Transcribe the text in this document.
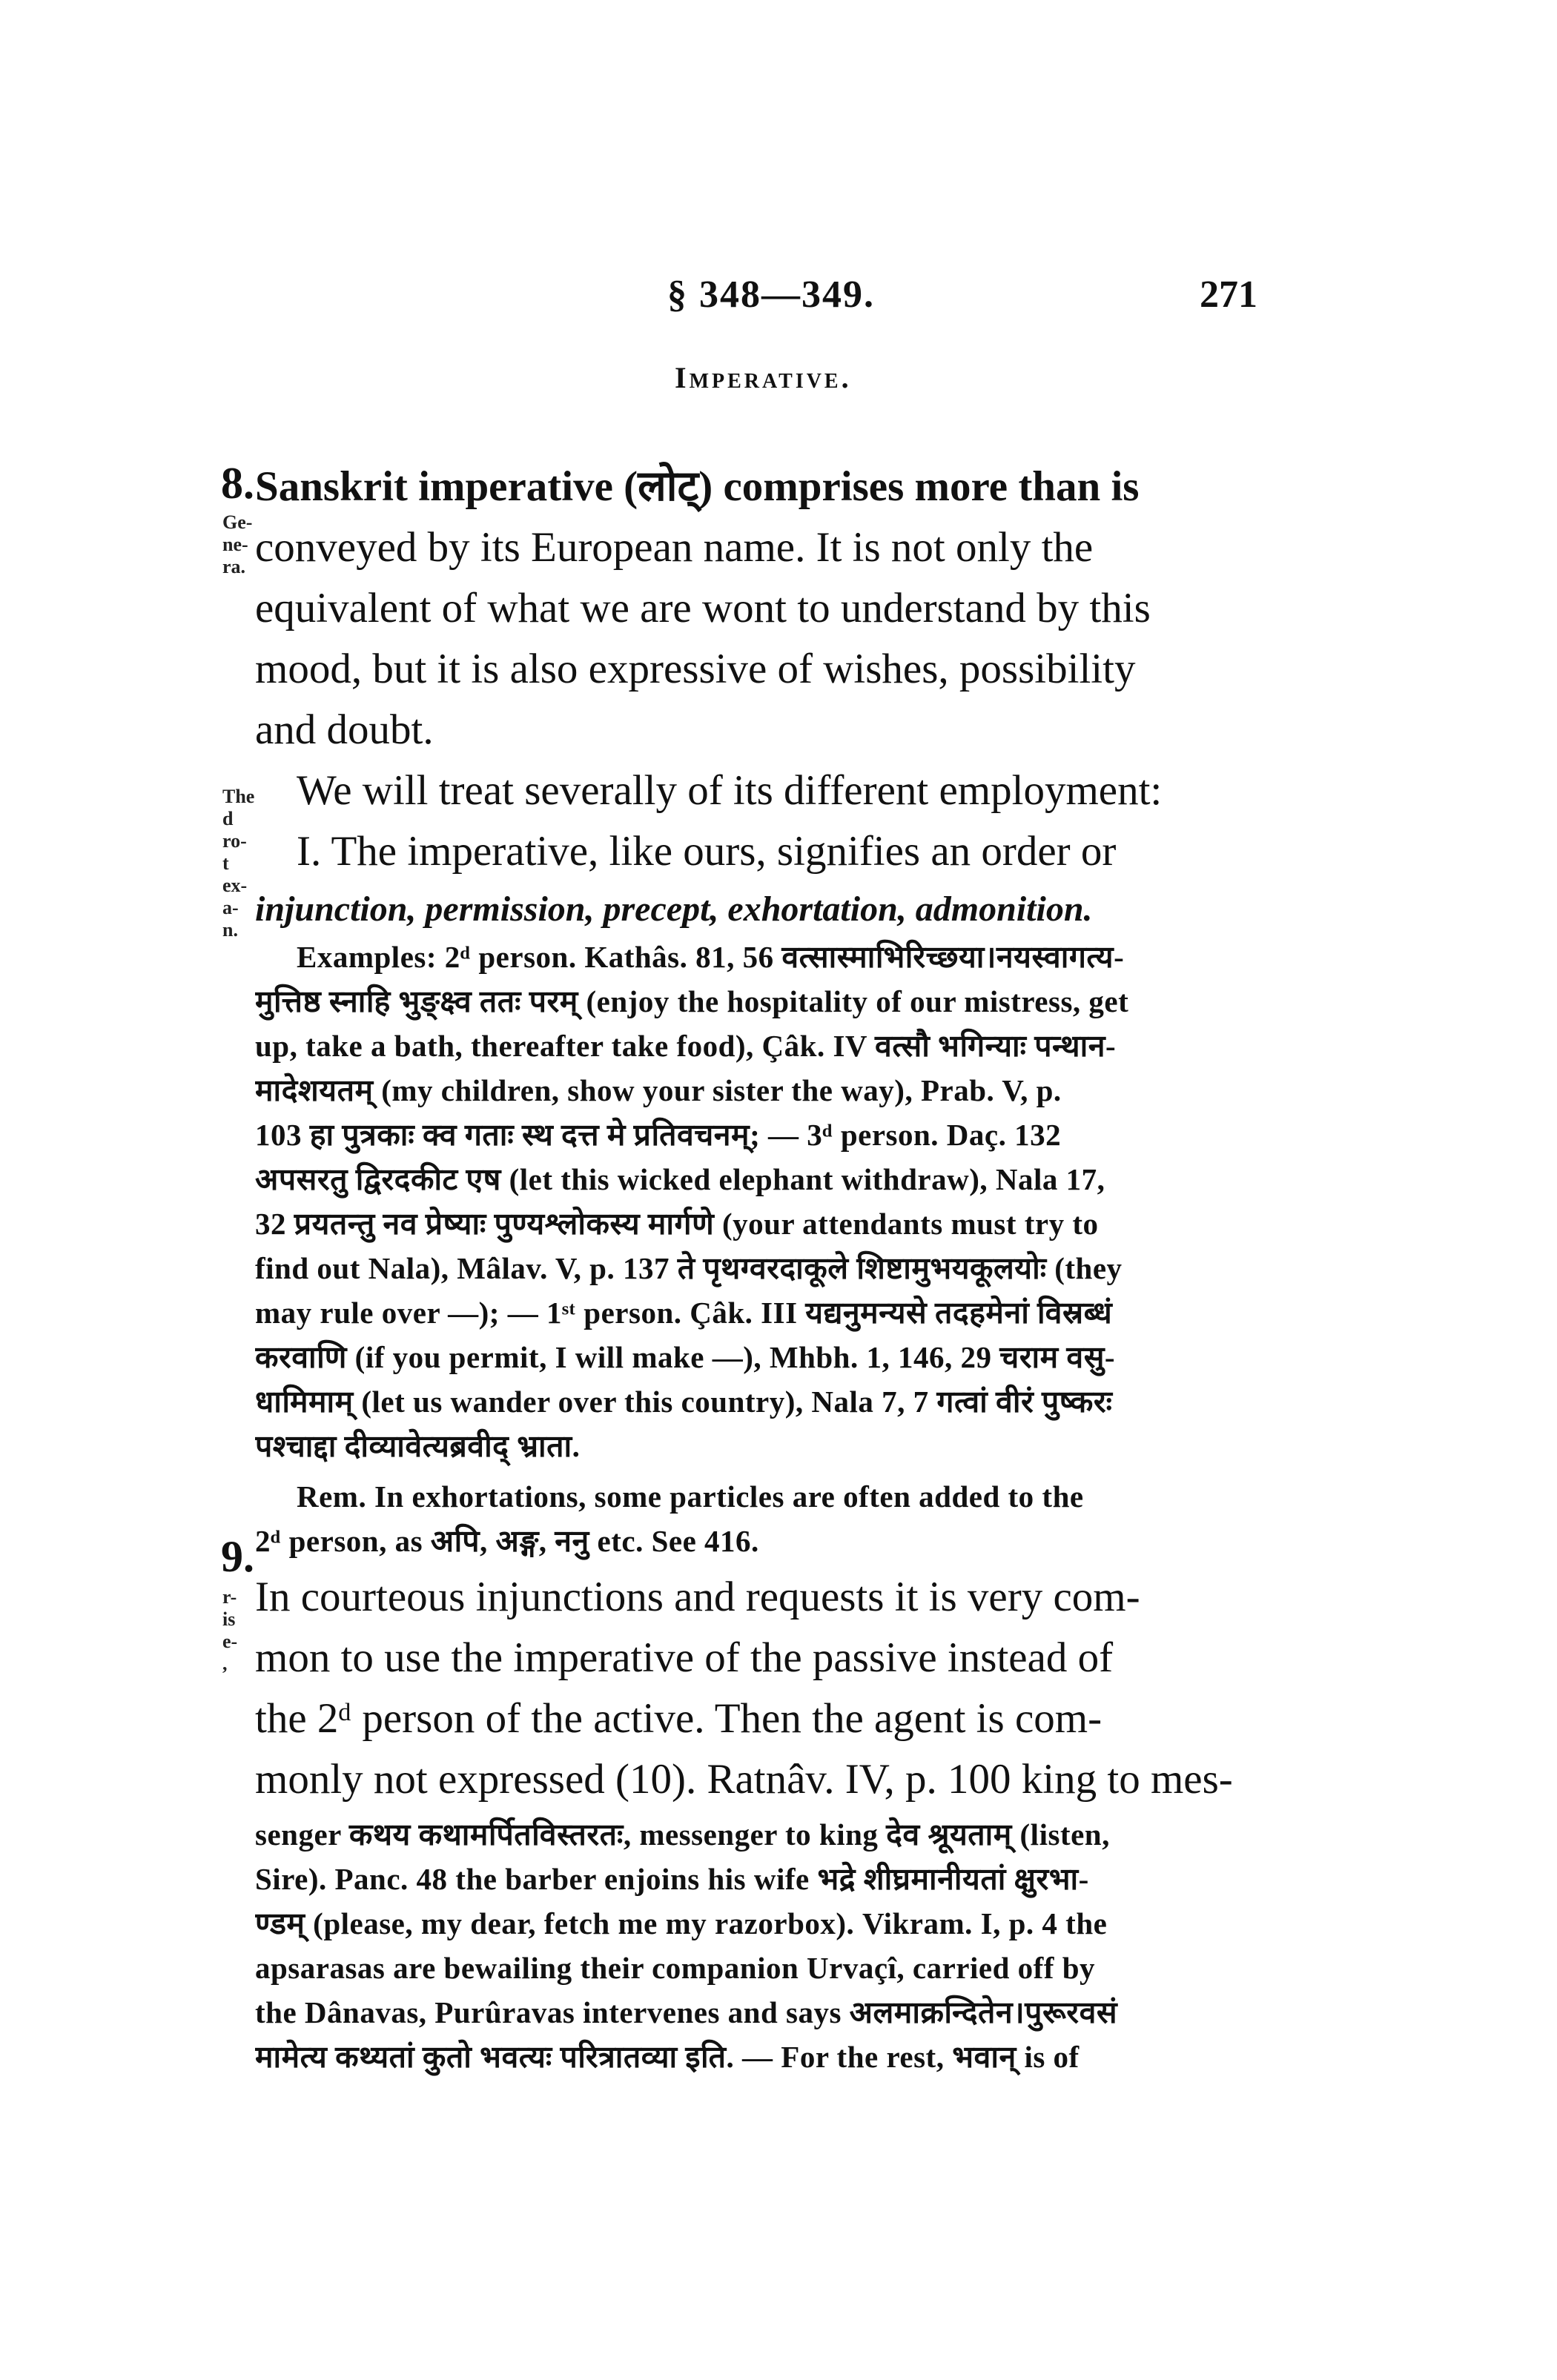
§ 348—349.	271
Imperative.
8.
Ge-
ne-
ra.
The
d
ro-
t
ex-
a-
n.
9.
r-
is
e-
,
Sanskrit imperative (लोट्) comprises more than is
conveyed by its European name. It is not only the
equivalent of what we are wont to understand by this
mood, but it is also expressive of wishes, possibility
and doubt.
We will treat severally of its different employment:
I. The imperative, like ours, signifies an order or
injunction, permission, precept, exhortation, admonition.
Examples: 2ᵈ person. Kathâs. 81, 56 वत्सास्माभिरिच्छया।नयस्वागत्य-
मुत्तिष्ठ स्नाहि भुङ्क्ष्व ततः परम् (enjoy the hospitality of our mistress, get
up, take a bath, thereafter take food), Çâk. IV वत्सौ भगिन्याः पन्थान-
मादेशयतम् (my children, show your sister the way), Prab. V, p.
103 हा पुत्रकाः क्व गताः स्थ दत्त मे प्रतिवचनम्; — 3ᵈ person. Daç. 132
अपसरतु द्विरदकीट एष (let this wicked elephant withdraw), Nala 17,
32 प्रयतन्तु नव प्रेष्याः पुण्यश्लोकस्य मार्गणे (your attendants must try to
find out Nala), Mâlav. V, p. 137 ते पृथग्वरदाकूले शिष्टामुभयकूलयोः (they
may rule over —); — 1ˢᵗ person. Çâk. III यद्यनुमन्यसे तदहमेनां विस्रब्धं
करवाणि (if you permit, I will make —), Mhbh. 1, 146, 29 चराम वसु-
धामिमाम् (let us wander over this country), Nala 7, 7 गत्वां वीरं पुष्करः
पश्चाद्दा दीव्यावेत्यब्रवीद् भ्राता.
Rem. In exhortations, some particles are often added to the
2ᵈ person, as अपि, अङ्ग, ननु etc. See 416.
In courteous injunctions and requests it is very com-
mon to use the imperative of the passive instead of
the 2ᵈ person of the active. Then the agent is com-
monly not expressed (10). Ratnâv. IV, p. 100 king to mes-
senger कथय कथामर्पितविस्तरतः, messenger to king देव श्रूयताम् (listen,
Sire). Panc. 48 the barber enjoins his wife भद्रे शीघ्रमानीयतां क्षुरभा-
ण्डम् (please, my dear, fetch me my razorbox). Vikram. I, p. 4 the
apsarasas are bewailing their companion Urvaçî, carried off by
the Dânavas, Purûravas intervenes and says अलमाक्रन्दितेन।पुरूरवसं
मामेत्य कथ्यतां कुतो भवत्यः परित्रातव्या इति. — For the rest, भवान् is of
